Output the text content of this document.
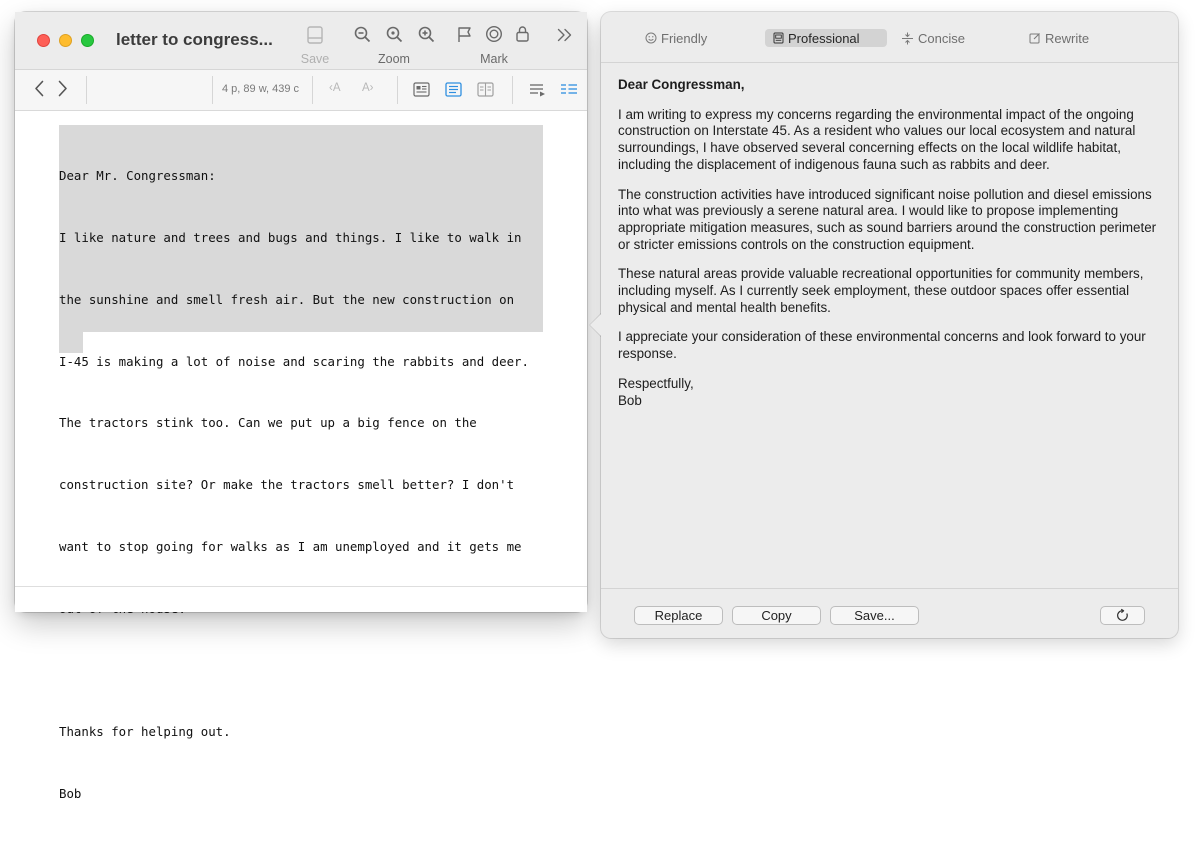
letter to congress...
Save	Zoom	Mark
4 p, 89 w, 439 c	‹A A›

Dear Mr. Congressman:

I like nature and trees and bugs and things. I like to walk in

the sunshine and smell fresh air. But the new construction on

I-45 is making a lot of noise and scaring the rabbits and deer.

The tractors stink too. Can we put up a big fence on the

construction site? Or make the tractors smell better? I don't

want to stop going for walks as I am unemployed and it gets me

Thanks for helping out.

Bob

Friendly	Professional	Concise	Rewrite
Dear Congressman,

I am writing to express my concerns regarding the environmental impact of the ongoing construction on Interstate 45. As a resident who values our local ecosystem and natural surroundings, I have observed several concerning effects on the local wildlife habitat, including the displacement of indigenous fauna such as rabbits and deer.

The construction activities have introduced significant noise pollution and diesel emissions into what was previously a serene natural area. I would like to propose implementing appropriate mitigation measures, such as sound barriers around the construction perimeter or stricter emissions controls on the construction equipment.

These natural areas provide valuable recreational opportunities for community members, including myself. As I currently seek employment, these outdoor spaces offer essential physical and mental health benefits.

I appreciate your consideration of these environmental concerns and look forward to your response.

Respectfully,
Bob
Replace	Copy	Save...
